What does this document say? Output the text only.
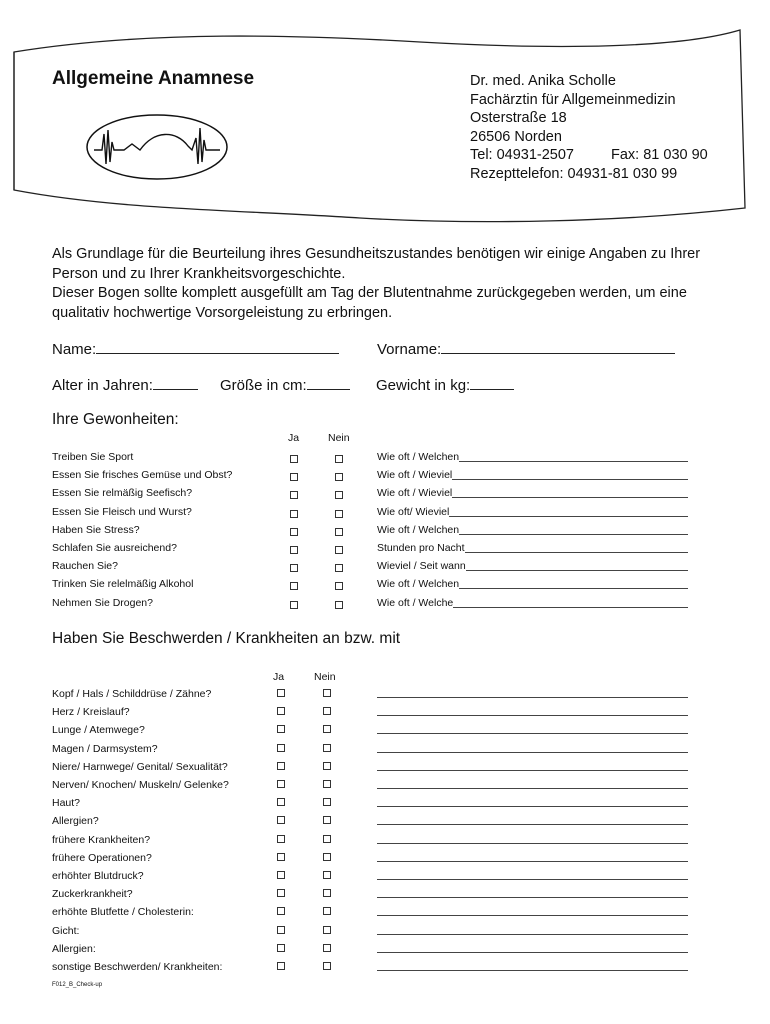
Allgemeine Anamnese	Dr. med. Anika Scholle
Fachärztin für Allgemeinmedizin
Osterstraße 18
26506 Norden
Tel: 04931-2507	Fax: 81 030 90
Rezepttelefon: 04931-81 030 99
Als Grundlage für die Beurteilung ihres Gesundheitszustandes benötigen wir einige Angaben zu Ihrer Person und zu Ihrer Krankheitsvorgeschichte.
Dieser Bogen sollte komplett ausgefüllt am Tag der Blutentnahme zurückgegeben werden, um eine qualitativ hochwertige Vorsorgeleistung zu erbringen.
Name:	Vorname:
Alter in Jahren:	Größe in cm:	Gewicht in kg:
Ihre Gewonheiten:
Ja	Nein
Treiben Sie Sport	Wie oft / Welchen
Essen Sie frisches Gemüse und Obst?	Wie oft / Wieviel
Essen Sie relmäßig Seefisch?	Wie oft / Wieviel
Essen Sie Fleisch und Wurst?	Wie oft/ Wieviel
Haben Sie Stress?	Wie oft / Welchen
Schlafen Sie ausreichend?	Stunden pro Nacht
Rauchen Sie?	Wieviel / Seit wann
Trinken Sie relelmäßig Alkohol	Wie oft / Welchen
Nehmen Sie Drogen?	Wie oft / Welche
Haben Sie Beschwerden / Krankheiten an bzw. mit
Ja	Nein
Kopf / Hals / Schilddrüse / Zähne?
Herz / Kreislauf?
Lunge / Atemwege?
Magen / Darmsystem?
Niere/ Harnwege/ Genital/ Sexualität?
Nerven/ Knochen/ Muskeln/ Gelenke?
Haut?
Allergien?
frühere Krankheiten?
frühere Operationen?
erhöhter Blutdruck?
Zuckerkrankheit?
erhöhte Blutfette / Cholesterin:
Gicht:
Allergien:
sonstige Beschwerden/ Krankheiten:
F012_B_Check-up
